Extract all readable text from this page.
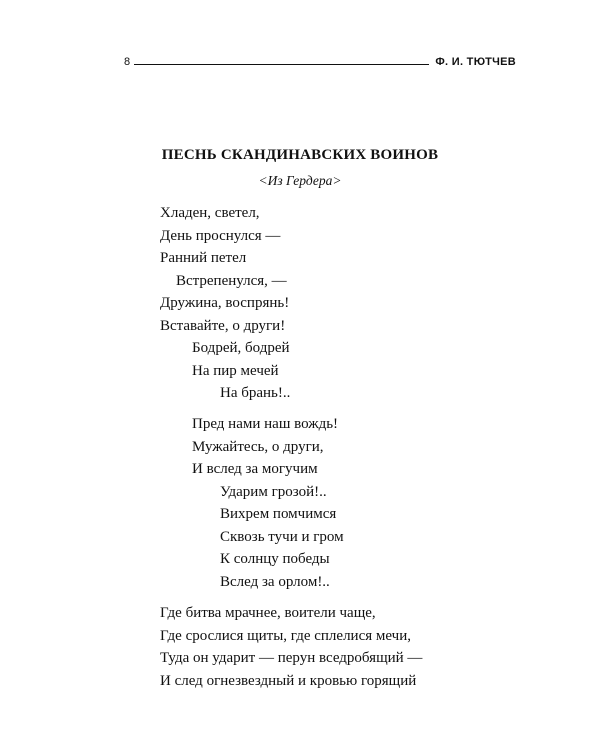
8	Ф. И. ТЮТЧЕВ
ПЕСНЬ СКАНДИНАВСКИХ ВОИНОВ
<Из Гердера>
Хладен, светел,
День проснулся —
Ранний петел
Встрепенулся, —
Дружина, воспрянь!
Вставайте, о други!
Бодрей, бодрей
На пир мечей
На брань!..
Пред нами наш вождь!
Мужайтесь, о други,
И вслед за могучим
Ударим грозой!..
Вихрем помчимся
Сквозь тучи и гром
К солнцу победы
Вслед за орлом!..
Где битва мрачнее, воители чаще,
Где срослися щиты, где сплелися мечи,
Туда он ударит — перун вседробящий —
И след огнезвездный и кровью горящий
